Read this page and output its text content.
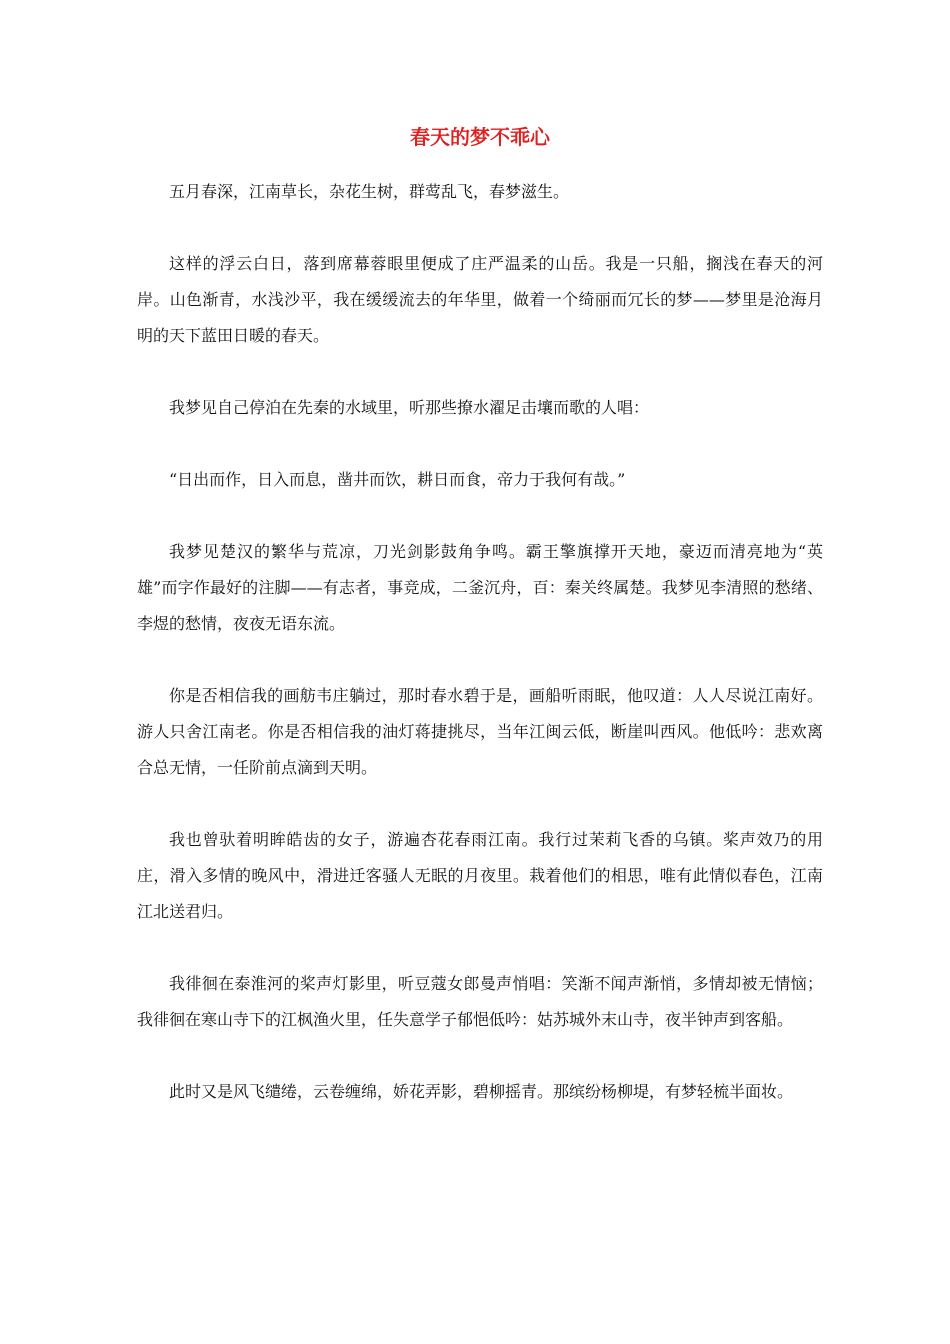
春天的梦不乖心

五月春深，江南草长，杂花生树，群莺乱飞，春梦滋生。

这样的浮云白日，落到席幕蓉眼里便成了庄严温柔的山岳。我是一只船，搁浅在春天的河岸。山色渐青，水浅沙平，我在缓缓流去的年华里，做着一个绮丽而冗长的梦——梦里是沧海月明的天下蓝田日暖的春天。

我梦见自己停泊在先秦的水域里，听那些撩水濯足击壤而歌的人唱：

“日出而作，日入而息，凿井而饮，耕日而食，帝力于我何有哉。”

我梦见楚汉的繁华与荒凉，刀光剑影鼓角争鸣。霸王擎旗撑开天地，豪迈而清亮地为“英雄”而字作最好的注脚——有志者，事竞成，二釜沉舟，百：秦关终属楚。我梦见李清照的愁绪、李煜的愁情，夜夜无语东流。

你是否相信我的画舫韦庄躺过，那时春水碧于是，画船听雨眠，他叹道：人人尽说江南好。游人只舍江南老。你是否相信我的油灯蒋捷挑尽，当年江闽云低，断崖叫西风。他低吟：悲欢离合总无情，一任阶前点滴到天明。

我也曾驮着明眸皓齿的女子，游遍杏花春雨江南。我行过茉莉飞香的乌镇。桨声效乃的用庄，滑入多情的晚风中，滑进迁客骚人无眠的月夜里。栽着他们的相思，唯有此情似春色，江南江北送君归。

我徘徊在泰淮河的桨声灯影里，听豆蔻女郎曼声悄唱：笑渐不闻声渐悄，多情却被无情恼；我徘徊在寒山寺下的江枫渔火里，任失意学子郁悒低吟：姑苏城外末山寺，夜半钟声到客船。

此时又是风飞缱绻，云卷缠绵，娇花弄影，碧柳摇青。那缤纷杨柳堤，有梦轻梳半面妆。
